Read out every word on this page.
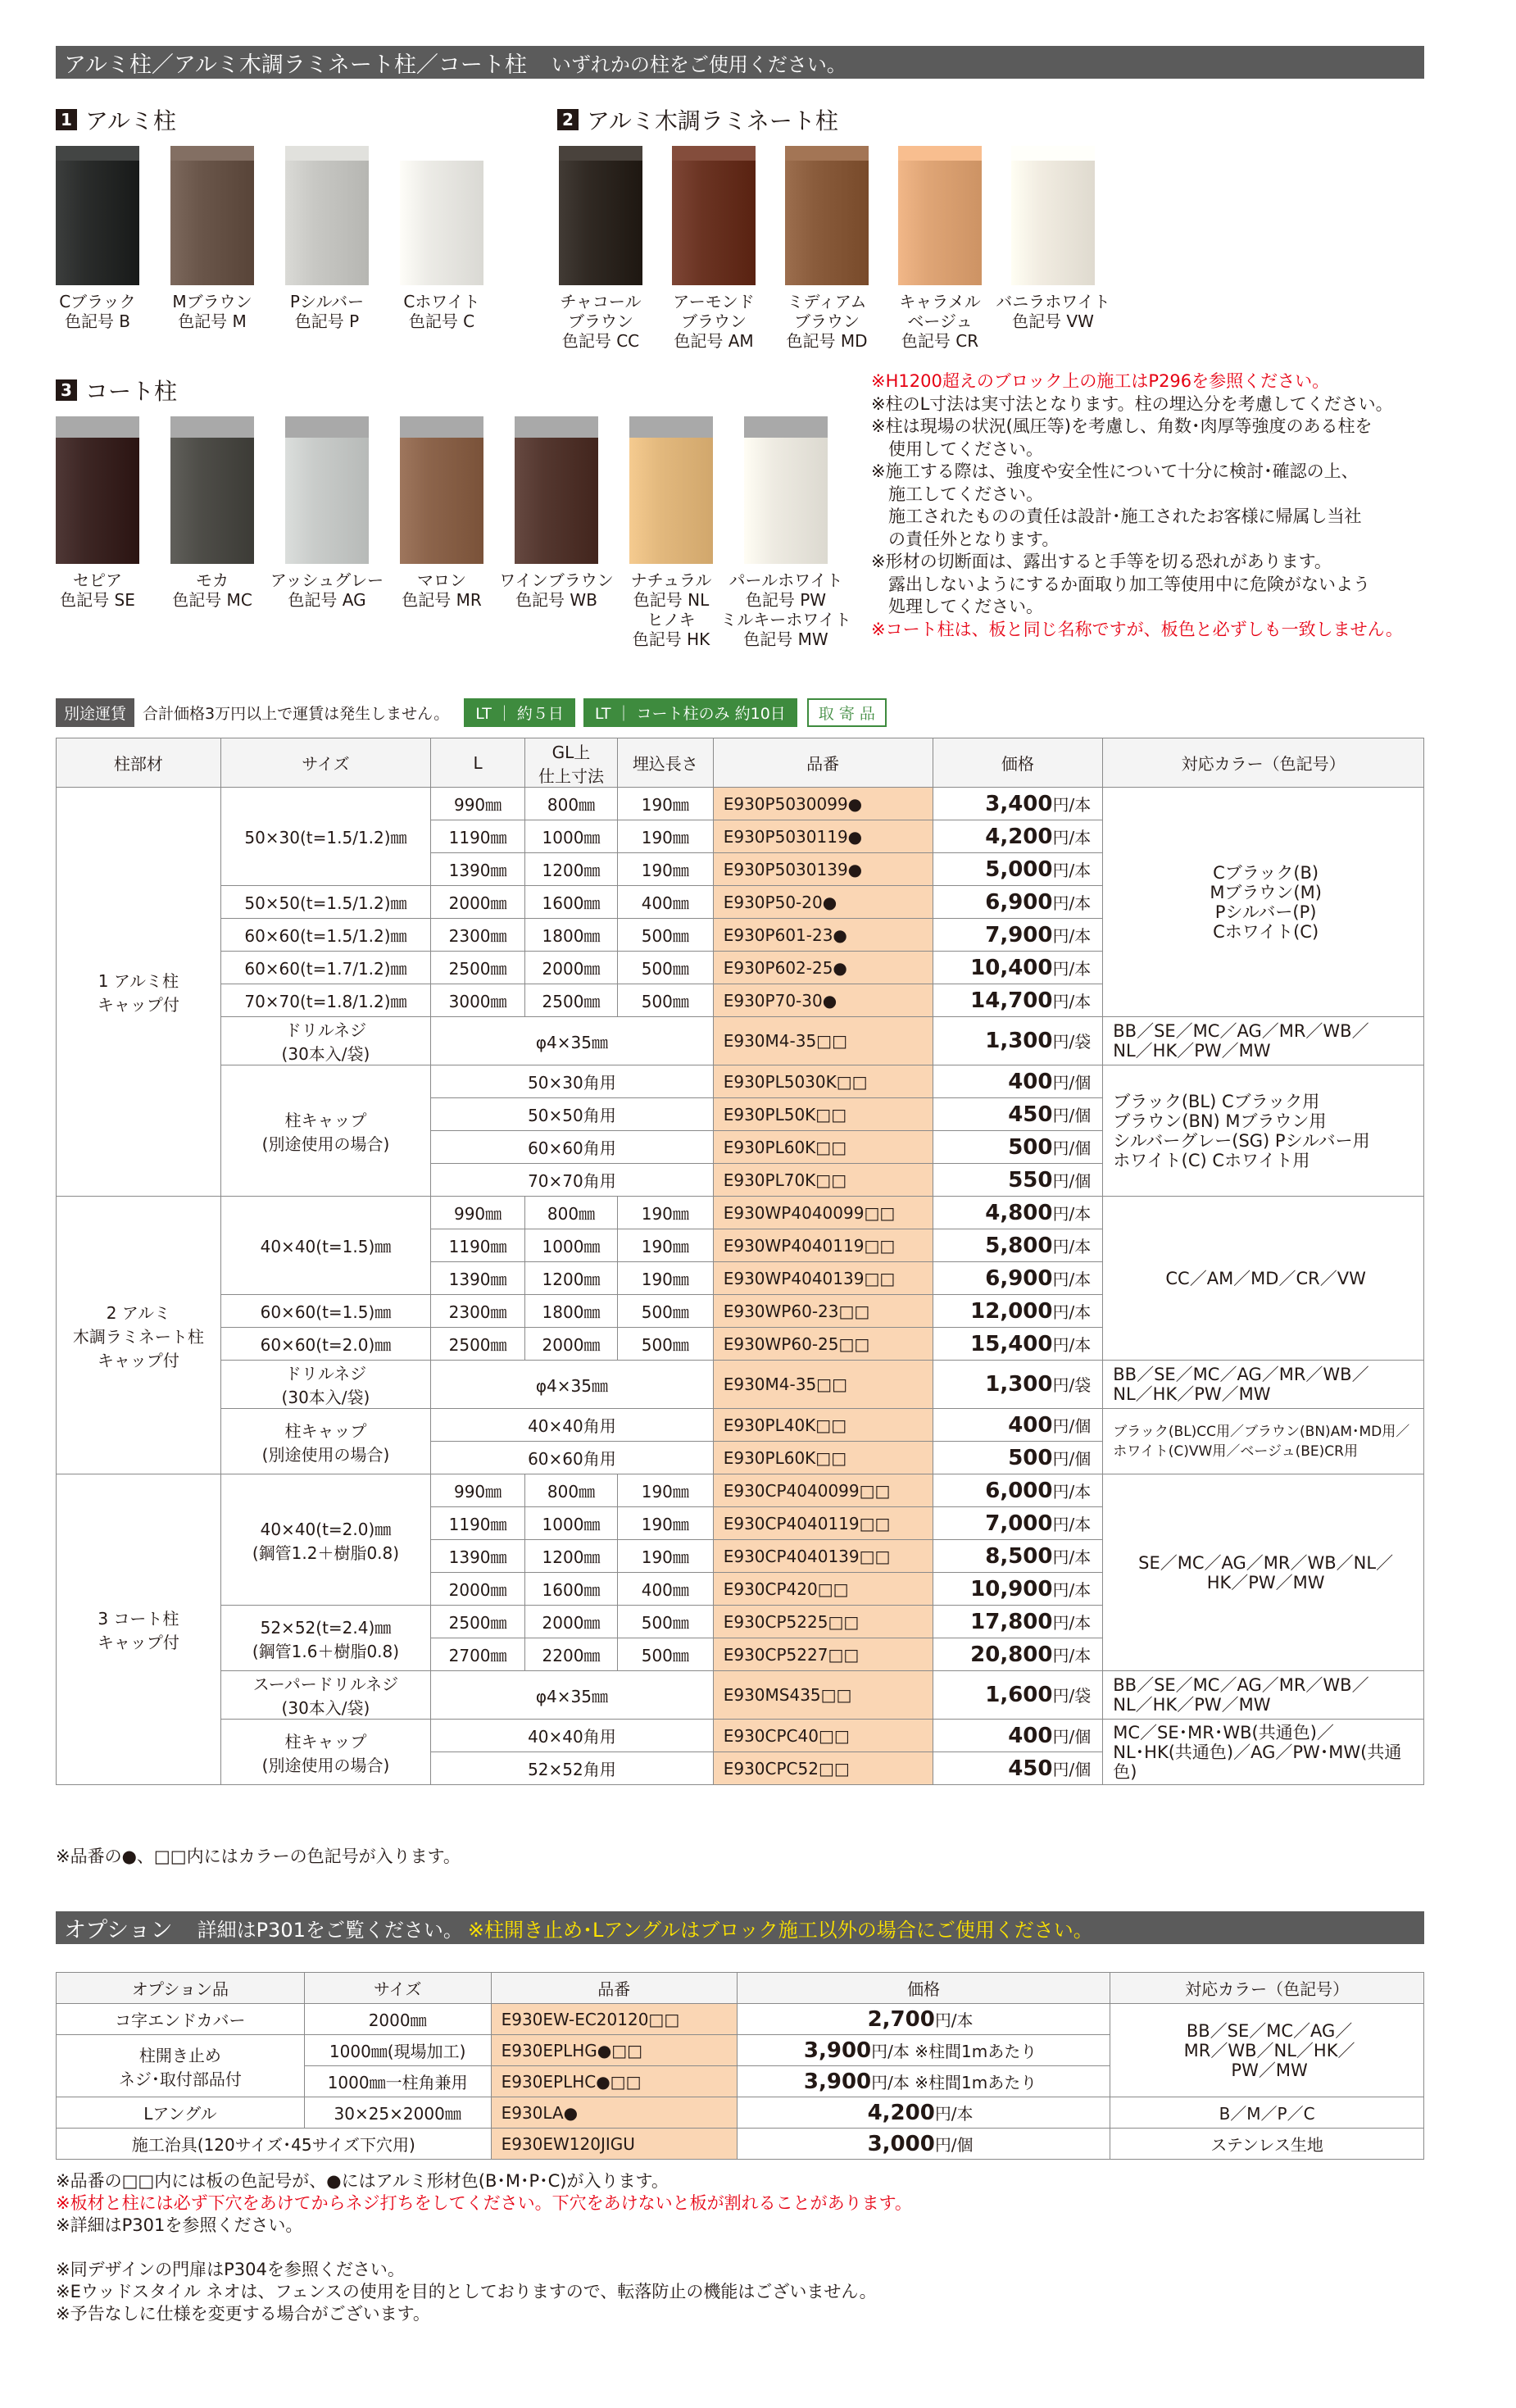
アルミ柱／アルミ木調ラミネート柱／コート柱 いずれかの柱をご使用ください。
1 アルミ柱	2 アルミ木調ラミネート柱
3 コート柱
Cブラック
色記号 B
Mブラウン
色記号 M
Pシルバー
色記号 P
Cホワイト
色記号 C
チャコール
ブラウン
色記号 CC
アーモンド
ブラウン
色記号 AM
ミディアム
ブラウン
色記号 MD
キャラメル
ベージュ
色記号 CR
バニラホワイト
色記号 VW
セピア
色記号 SE
モカ
色記号 MC
アッシュグレー
色記号 AG
マロン
色記号 MR
ワインブラウン
色記号 WB
ナチュラル
色記号 NL
ヒノキ
色記号 HK
パールホワイト
色記号 PW
ミルキーホワイト
色記号 MW
※H1200超えのブロック上の施工はP296を参照ください。
※柱のL寸法は実寸法となります。柱の埋込分を考慮してください。
※柱は現場の状況(風圧等)を考慮し、角数･肉厚等強度のある柱を
使用してください。
※施工する際は、強度や安全性について十分に検討･確認の上、
施工してください。
施工されたものの責任は設計･施工されたお客様に帰属し当社
の責任外となります。
※形材の切断面は、露出すると手等を切る恐れがあります。
露出しないようにするか面取り加工等使用中に危険がないよう
処理してください。
※コート柱は、板と同じ名称ですが、板色と必ずしも一致しません。
別途運賃	合計価格3万円以上で運賃は発生しません。	LT ｜ 約５日	LT ｜ コート柱のみ 約10日	取 寄 品
柱部材	サイズ	L	GL上
仕上寸法	埋込長さ	品番	価格	対応カラー（色記号）
1 アルミ柱
キャップ付	50×30(t=1.5/1.2)㎜	990㎜	800㎜	190㎜	E930P5030099●	3,400円/本	Cブラック(B)
Mブラウン(M)
Pシルバー(P)
Cホワイト(C)
		1190㎜	1000㎜	190㎜	E930P5030119●	4,200円/本	
		1390㎜	1200㎜	190㎜	E930P5030139●	5,000円/本	
	50×50(t=1.5/1.2)㎜	2000㎜	1600㎜	400㎜	E930P50-20●	6,900円/本	
	60×60(t=1.5/1.2)㎜	2300㎜	1800㎜	500㎜	E930P601-23●	7,900円/本	
	60×60(t=1.7/1.2)㎜	2500㎜	2000㎜	500㎜	E930P602-25●	10,400円/本	
	70×70(t=1.8/1.2)㎜	3000㎜	2500㎜	500㎜	E930P70-30●	14,700円/本	
	ドリルネジ
(30本入/袋)	φ4×35㎜			E930M4-35□□	1,300円/袋	BB／SE／MC／AG／MR／WB／
NL／HK／PW／MW
	柱キャップ
(別途使用の場合)	50×30角用			E930PL5030K□□	400円/個	ブラック(BL) Cブラック用
ブラウン(BN) Mブラウン用
シルバーグレー(SG) Pシルバー用
ホワイト(C) Cホワイト用
		50×50角用			E930PL50K□□	450円/個	
		60×60角用			E930PL60K□□	500円/個	
		70×70角用			E930PL70K□□	550円/個	
2 アルミ
木調ラミネート柱
キャップ付	40×40(t=1.5)㎜	990㎜	800㎜	190㎜	E930WP4040099□□	4,800円/本	CC／AM／MD／CR／VW
		1190㎜	1000㎜	190㎜	E930WP4040119□□	5,800円/本	
		1390㎜	1200㎜	190㎜	E930WP4040139□□	6,900円/本	
	60×60(t=1.5)㎜	2300㎜	1800㎜	500㎜	E930WP60-23□□	12,000円/本	
	60×60(t=2.0)㎜	2500㎜	2000㎜	500㎜	E930WP60-25□□	15,400円/本	
	ドリルネジ
(30本入/袋)	φ4×35㎜			E930M4-35□□	1,300円/袋	BB／SE／MC／AG／MR／WB／
NL／HK／PW／MW
	柱キャップ
(別途使用の場合)	40×40角用			E930PL40K□□	400円/個	ブラック(BL)CC用／ブラウン(BN)AM･MD用／
ホワイト(C)VW用／ベージュ(BE)CR用
		60×60角用			E930PL60K□□	500円/個	
3 コート柱
キャップ付	40×40(t=2.0)㎜
(鋼管1.2＋樹脂0.8)	990㎜	800㎜	190㎜	E930CP4040099□□	6,000円/本	SE／MC／AG／MR／WB／NL／
HK／PW／MW
		1190㎜	1000㎜	190㎜	E930CP4040119□□	7,000円/本	
		1390㎜	1200㎜	190㎜	E930CP4040139□□	8,500円/本	
		2000㎜	1600㎜	400㎜	E930CP420□□	10,900円/本	
	52×52(t=2.4)㎜
(鋼管1.6＋樹脂0.8)	2500㎜	2000㎜	500㎜	E930CP5225□□	17,800円/本	
		2700㎜	2200㎜	500㎜	E930CP5227□□	20,800円/本	
	スーパードリルネジ
(30本入/袋)	φ4×35㎜			E930MS435□□	1,600円/袋	BB／SE／MC／AG／MR／WB／
NL／HK／PW／MW
	柱キャップ
(別途使用の場合)	40×40角用			E930CPC40□□	400円/個	MC／SE･MR･WB(共通色)／
NL･HK(共通色)／AG／PW･MW(共通色)
		52×52角用			E930CPC52□□	450円/個	
※品番の●、□□内にはカラーの色記号が入ります。
オプション 詳細はP301をご覧ください。 ※柱開き止め･Lアングルはブロック施工以外の場合にご使用ください。
オプション品	サイズ	品番	価格	対応カラー（色記号）
コ字エンドカバー	2000㎜	E930EW-EC20120□□	2,700円/本	BB／SE／MC／AG／
MR／WB／NL／HK／
PW／MW
柱開き止め
ネジ･取付部品付	1000㎜(現場加工)	E930EPLHG●□□	3,900円/本 ※柱間1mあたり	
	1000㎜一柱角兼用	E930EPLHC●□□	3,900円/本 ※柱間1mあたり	
Lアングル	30×25×2000㎜	E930LA●	4,200円/本	B／M／P／C
施工治具(120サイズ･45サイズ下穴用)		E930EW120JIGU	3,000円/個	ステンレス生地
※品番の□□内には板の色記号が、●にはアルミ形材色(B･M･P･C)が入ります。
※板材と柱には必ず下穴をあけてからネジ打ちをしてください。下穴をあけないと板が割れることがあります。
※詳細はP301を参照ください。

※同デザインの門扉はP304を参照ください。
※Eウッドスタイル ネオは、フェンスの使用を目的としておりますので、転落防止の機能はございません。
※予告なしに仕様を変更する場合がございます。
